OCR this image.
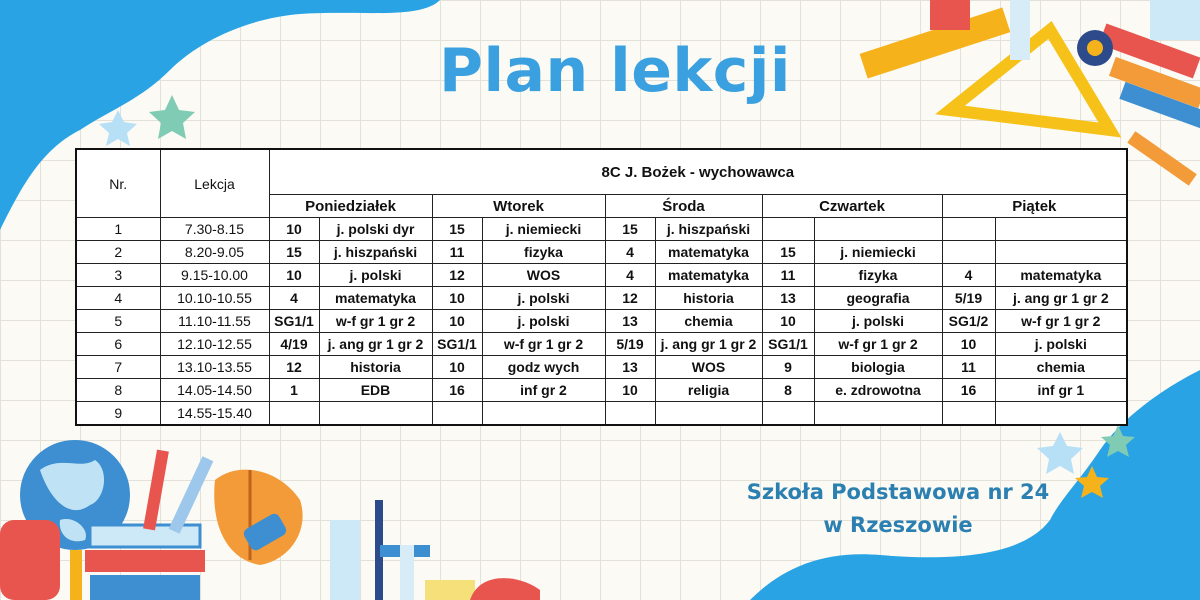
Plan lekcji
Nr.	Lekcja	8C J. Bożek - wychowawca									
		Poniedziałek		Wtorek		Środa		Czwartek		Piątek	
1	7.30-8.15	10	j. polski dyr	15	j. niemiecki	15	j. hiszpański				
2	8.20-9.05	15	j. hiszpański	11	fizyka	4	matematyka	15	j. niemiecki		
3	9.15-10.00	10	j. polski	12	WOS	4	matematyka	11	fizyka	4	matematyka
4	10.10-10.55	4	matematyka	10	j. polski	12	historia	13	geografia	5/19	j. ang gr 1 gr 2
5	11.10-11.55	SG1/1	w-f gr 1 gr 2	10	j. polski	13	chemia	10	j. polski	SG1/2	w-f gr 1 gr 2
6	12.10-12.55	4/19	j. ang gr 1 gr 2	SG1/1	w-f gr 1 gr 2	5/19	j. ang gr 1 gr 2	SG1/1	w-f gr 1 gr 2	10	j. polski
7	13.10-13.55	12	historia	10	godz wych	13	WOS	9	biologia	11	chemia
8	14.05-14.50	1	EDB	16	inf gr 2	10	religia	8	e. zdrowotna	16	inf gr 1
9	14.55-15.40										
Szkoła Podstawowa nr 24
w Rzeszowie
